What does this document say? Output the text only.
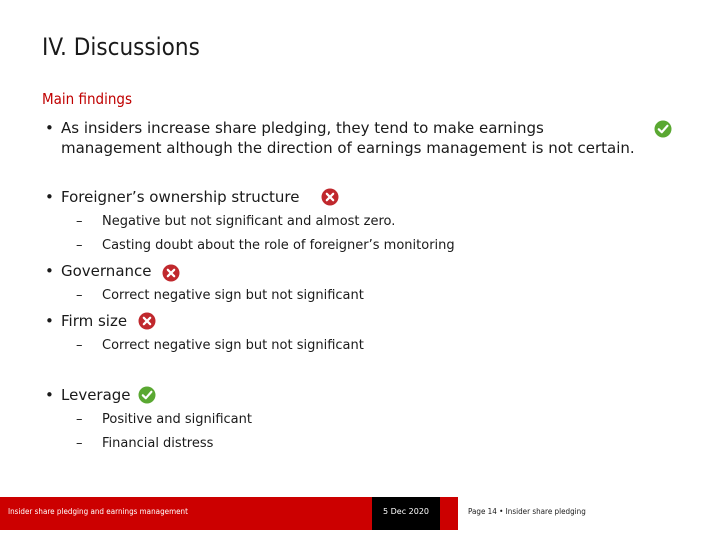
IV. Discussions
Main findings
• As insiders increase share pledging, they tend to make earnings
management although the direction of earnings management is not certain.
• Foreigner’s ownership structure
– Negative but not significant and almost zero.
– Casting doubt about the role of foreigner’s monitoring
• Governance
– Correct negative sign but not significant
• Firm size
– Correct negative sign but not significant
• Leverage
– Positive and significant
– Financial distress
Insider share pledging and earnings management	5 Dec 2020	Page 14 • Insider share pledging
